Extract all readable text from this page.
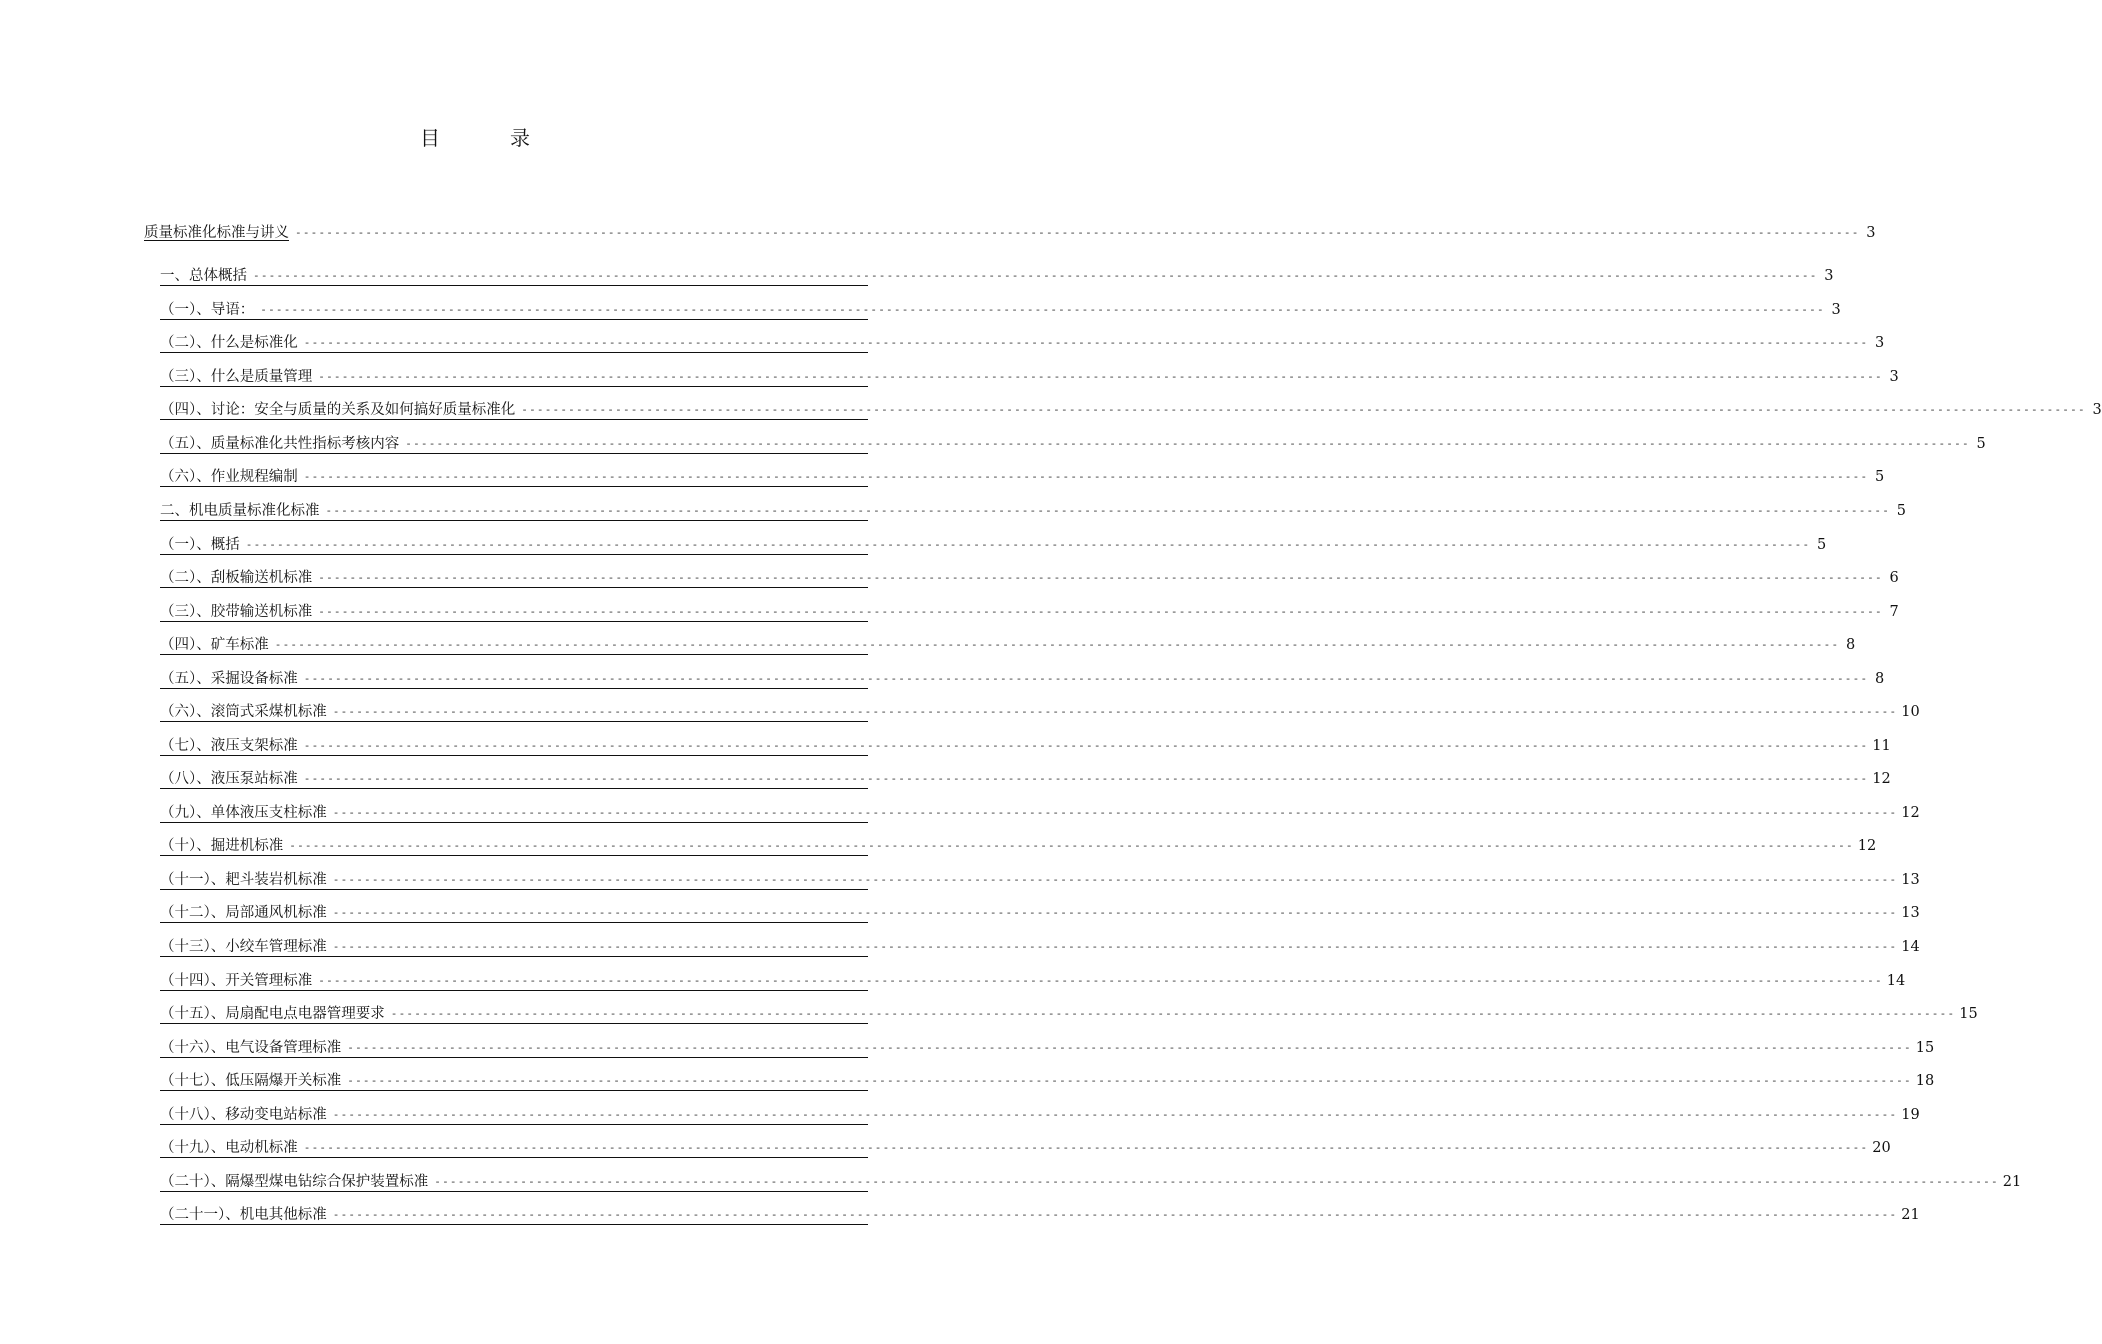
目	录
质量标准化标准与讲义 -------------------------------------------------------------------------------------------------------------------------------------------------------------------------------------------------------- 3
一、总体概括 -------------------------------------------------------------------------------------------------------------------------------------------------------------------------------------------------------- 3
（一）、导语： -------------------------------------------------------------------------------------------------------------------------------------------------------------------------------------------------------- 3
（二）、什么是标准化 -------------------------------------------------------------------------------------------------------------------------------------------------------------------------------------------------------- 3
（三）、什么是质量管理 -------------------------------------------------------------------------------------------------------------------------------------------------------------------------------------------------------- 3
（四）、讨论：安全与质量的关系及如何搞好质量标准化 -------------------------------------------------------------------------------------------------------------------------------------------------------------------------------------------------------- 3
（五）、质量标准化共性指标考核内容 -------------------------------------------------------------------------------------------------------------------------------------------------------------------------------------------------------- 5
（六）、作业规程编制 -------------------------------------------------------------------------------------------------------------------------------------------------------------------------------------------------------- 5
二、机电质量标准化标准 -------------------------------------------------------------------------------------------------------------------------------------------------------------------------------------------------------- 5
（一）、概括 -------------------------------------------------------------------------------------------------------------------------------------------------------------------------------------------------------- 5
（二）、刮板输送机标准 -------------------------------------------------------------------------------------------------------------------------------------------------------------------------------------------------------- 6
（三）、胶带输送机标准 -------------------------------------------------------------------------------------------------------------------------------------------------------------------------------------------------------- 7
（四）、矿车标准 -------------------------------------------------------------------------------------------------------------------------------------------------------------------------------------------------------- 8
（五）、采掘设备标准 -------------------------------------------------------------------------------------------------------------------------------------------------------------------------------------------------------- 8
（六）、滚筒式采煤机标准 -------------------------------------------------------------------------------------------------------------------------------------------------------------------------------------------------------- 10
（七）、液压支架标准 -------------------------------------------------------------------------------------------------------------------------------------------------------------------------------------------------------- 11
（八）、液压泵站标准 -------------------------------------------------------------------------------------------------------------------------------------------------------------------------------------------------------- 12
（九）、单体液压支柱标准 -------------------------------------------------------------------------------------------------------------------------------------------------------------------------------------------------------- 12
（十）、掘进机标准 -------------------------------------------------------------------------------------------------------------------------------------------------------------------------------------------------------- 12
（十一）、耙斗装岩机标准 -------------------------------------------------------------------------------------------------------------------------------------------------------------------------------------------------------- 13
（十二）、局部通风机标准 -------------------------------------------------------------------------------------------------------------------------------------------------------------------------------------------------------- 13
（十三）、小绞车管理标准 -------------------------------------------------------------------------------------------------------------------------------------------------------------------------------------------------------- 14
（十四）、开关管理标准 -------------------------------------------------------------------------------------------------------------------------------------------------------------------------------------------------------- 14
（十五）、局扇配电点电器管理要求 -------------------------------------------------------------------------------------------------------------------------------------------------------------------------------------------------------- 15
（十六）、电气设备管理标准 -------------------------------------------------------------------------------------------------------------------------------------------------------------------------------------------------------- 15
（十七）、低压隔爆开关标准 -------------------------------------------------------------------------------------------------------------------------------------------------------------------------------------------------------- 18
（十八）、移动变电站标准 -------------------------------------------------------------------------------------------------------------------------------------------------------------------------------------------------------- 19
（十九）、电动机标准 -------------------------------------------------------------------------------------------------------------------------------------------------------------------------------------------------------- 20
（二十）、隔爆型煤电钻综合保护装置标准 -------------------------------------------------------------------------------------------------------------------------------------------------------------------------------------------------------- 21
（二十一）、机电其他标准 -------------------------------------------------------------------------------------------------------------------------------------------------------------------------------------------------------- 21
